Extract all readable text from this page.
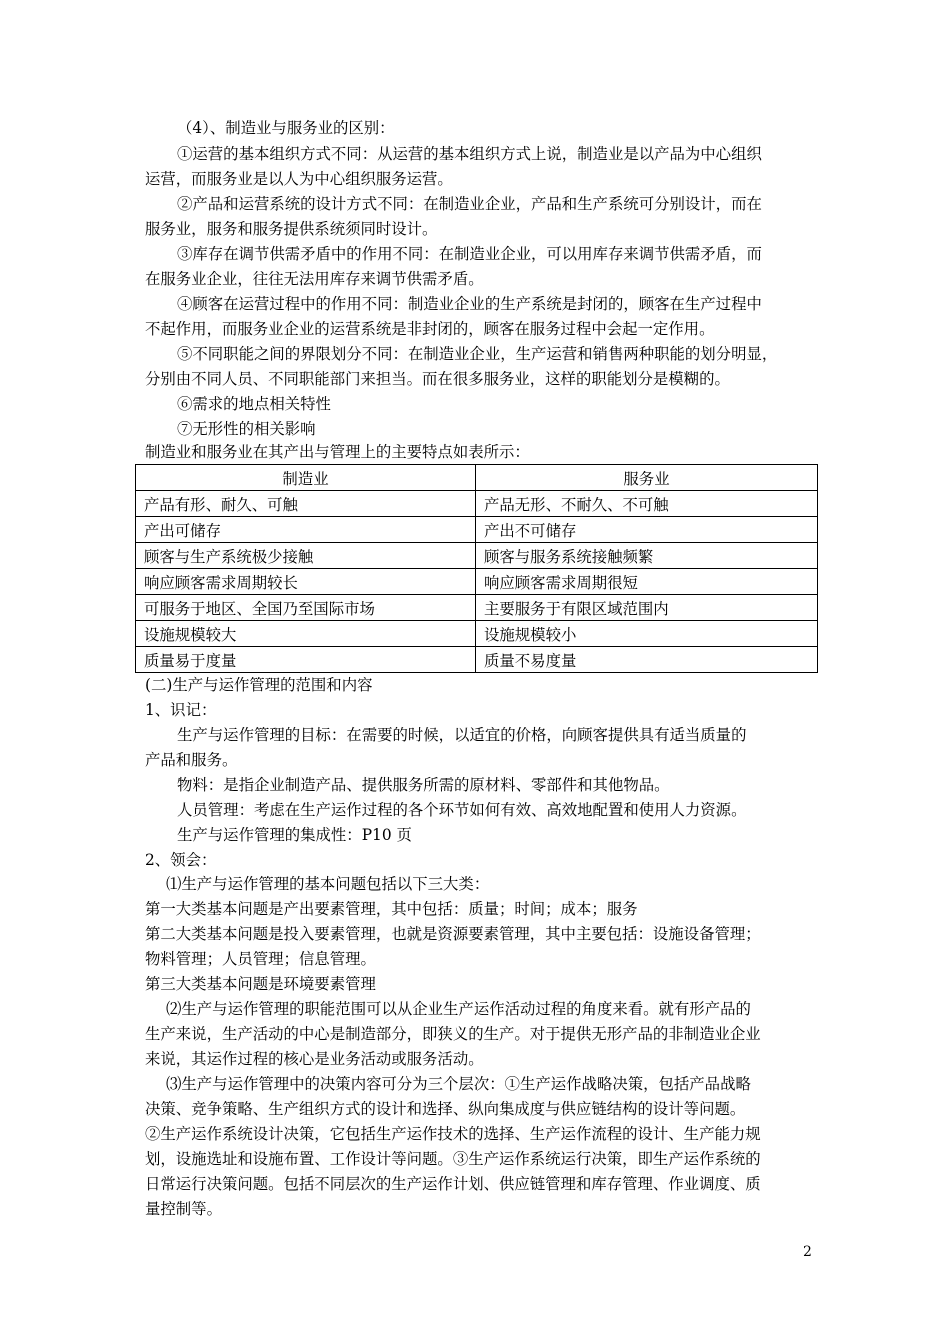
（4）、制造业与服务业的区别：
①运营的基本组织方式不同：从运营的基本组织方式上说，制造业是以产品为中心组织
运营，而服务业是以人为中心组织服务运营。
②产品和运营系统的设计方式不同：在制造业企业，产品和生产系统可分别设计，而在
服务业，服务和服务提供系统须同时设计。
③库存在调节供需矛盾中的作用不同：在制造业企业，可以用库存来调节供需矛盾，而
在服务业企业，往往无法用库存来调节供需矛盾。
④顾客在运营过程中的作用不同：制造业企业的生产系统是封闭的，顾客在生产过程中
不起作用，而服务业企业的运营系统是非封闭的，顾客在服务过程中会起一定作用。
⑤不同职能之间的界限划分不同：在制造业企业，生产运营和销售两种职能的划分明显，
分别由不同人员、不同职能部门来担当。而在很多服务业，这样的职能划分是模糊的。
⑥需求的地点相关特性
⑦无形性的相关影响
制造业和服务业在其产出与管理上的主要特点如表所示：
制造业	服务业
产品有形、耐久、可触	产品无形、不耐久、不可触
产出可储存	产出不可储存
顾客与生产系统极少接触	顾客与服务系统接触频繁
响应顾客需求周期较长	响应顾客需求周期很短
可服务于地区、全国乃至国际市场	主要服务于有限区域范围内
设施规模较大	设施规模较小
质量易于度量	质量不易度量
(二)生产与运作管理的范围和内容
1、识记：
生产与运作管理的目标：在需要的时候，以适宜的价格，向顾客提供具有适当质量的
产品和服务。
物料：是指企业制造产品、提供服务所需的原材料、零部件和其他物品。
人员管理：考虑在生产运作过程的各个环节如何有效、高效地配置和使用人力资源。
生产与运作管理的集成性：P10 页
2、领会：
⑴生产与运作管理的基本问题包括以下三大类：
第一大类基本问题是产出要素管理，其中包括：质量；时间；成本；服务
第二大类基本问题是投入要素管理，也就是资源要素管理，其中主要包括：设施设备管理；
物料管理；人员管理；信息管理。
第三大类基本问题是环境要素管理
⑵生产与运作管理的职能范围可以从企业生产运作活动过程的角度来看。就有形产品的
生产来说，生产活动的中心是制造部分，即狭义的生产。对于提供无形产品的非制造业企业
来说，其运作过程的核心是业务活动或服务活动。
⑶生产与运作管理中的决策内容可分为三个层次：①生产运作战略决策，包括产品战略
决策、竞争策略、生产组织方式的设计和选择、纵向集成度与供应链结构的设计等问题。
②生产运作系统设计决策，它包括生产运作技术的选择、生产运作流程的设计、生产能力规
划，设施选址和设施布置、工作设计等问题。③生产运作系统运行决策，即生产运作系统的
日常运行决策问题。包括不同层次的生产运作计划、供应链管理和库存管理、作业调度、质
量控制等。
2
